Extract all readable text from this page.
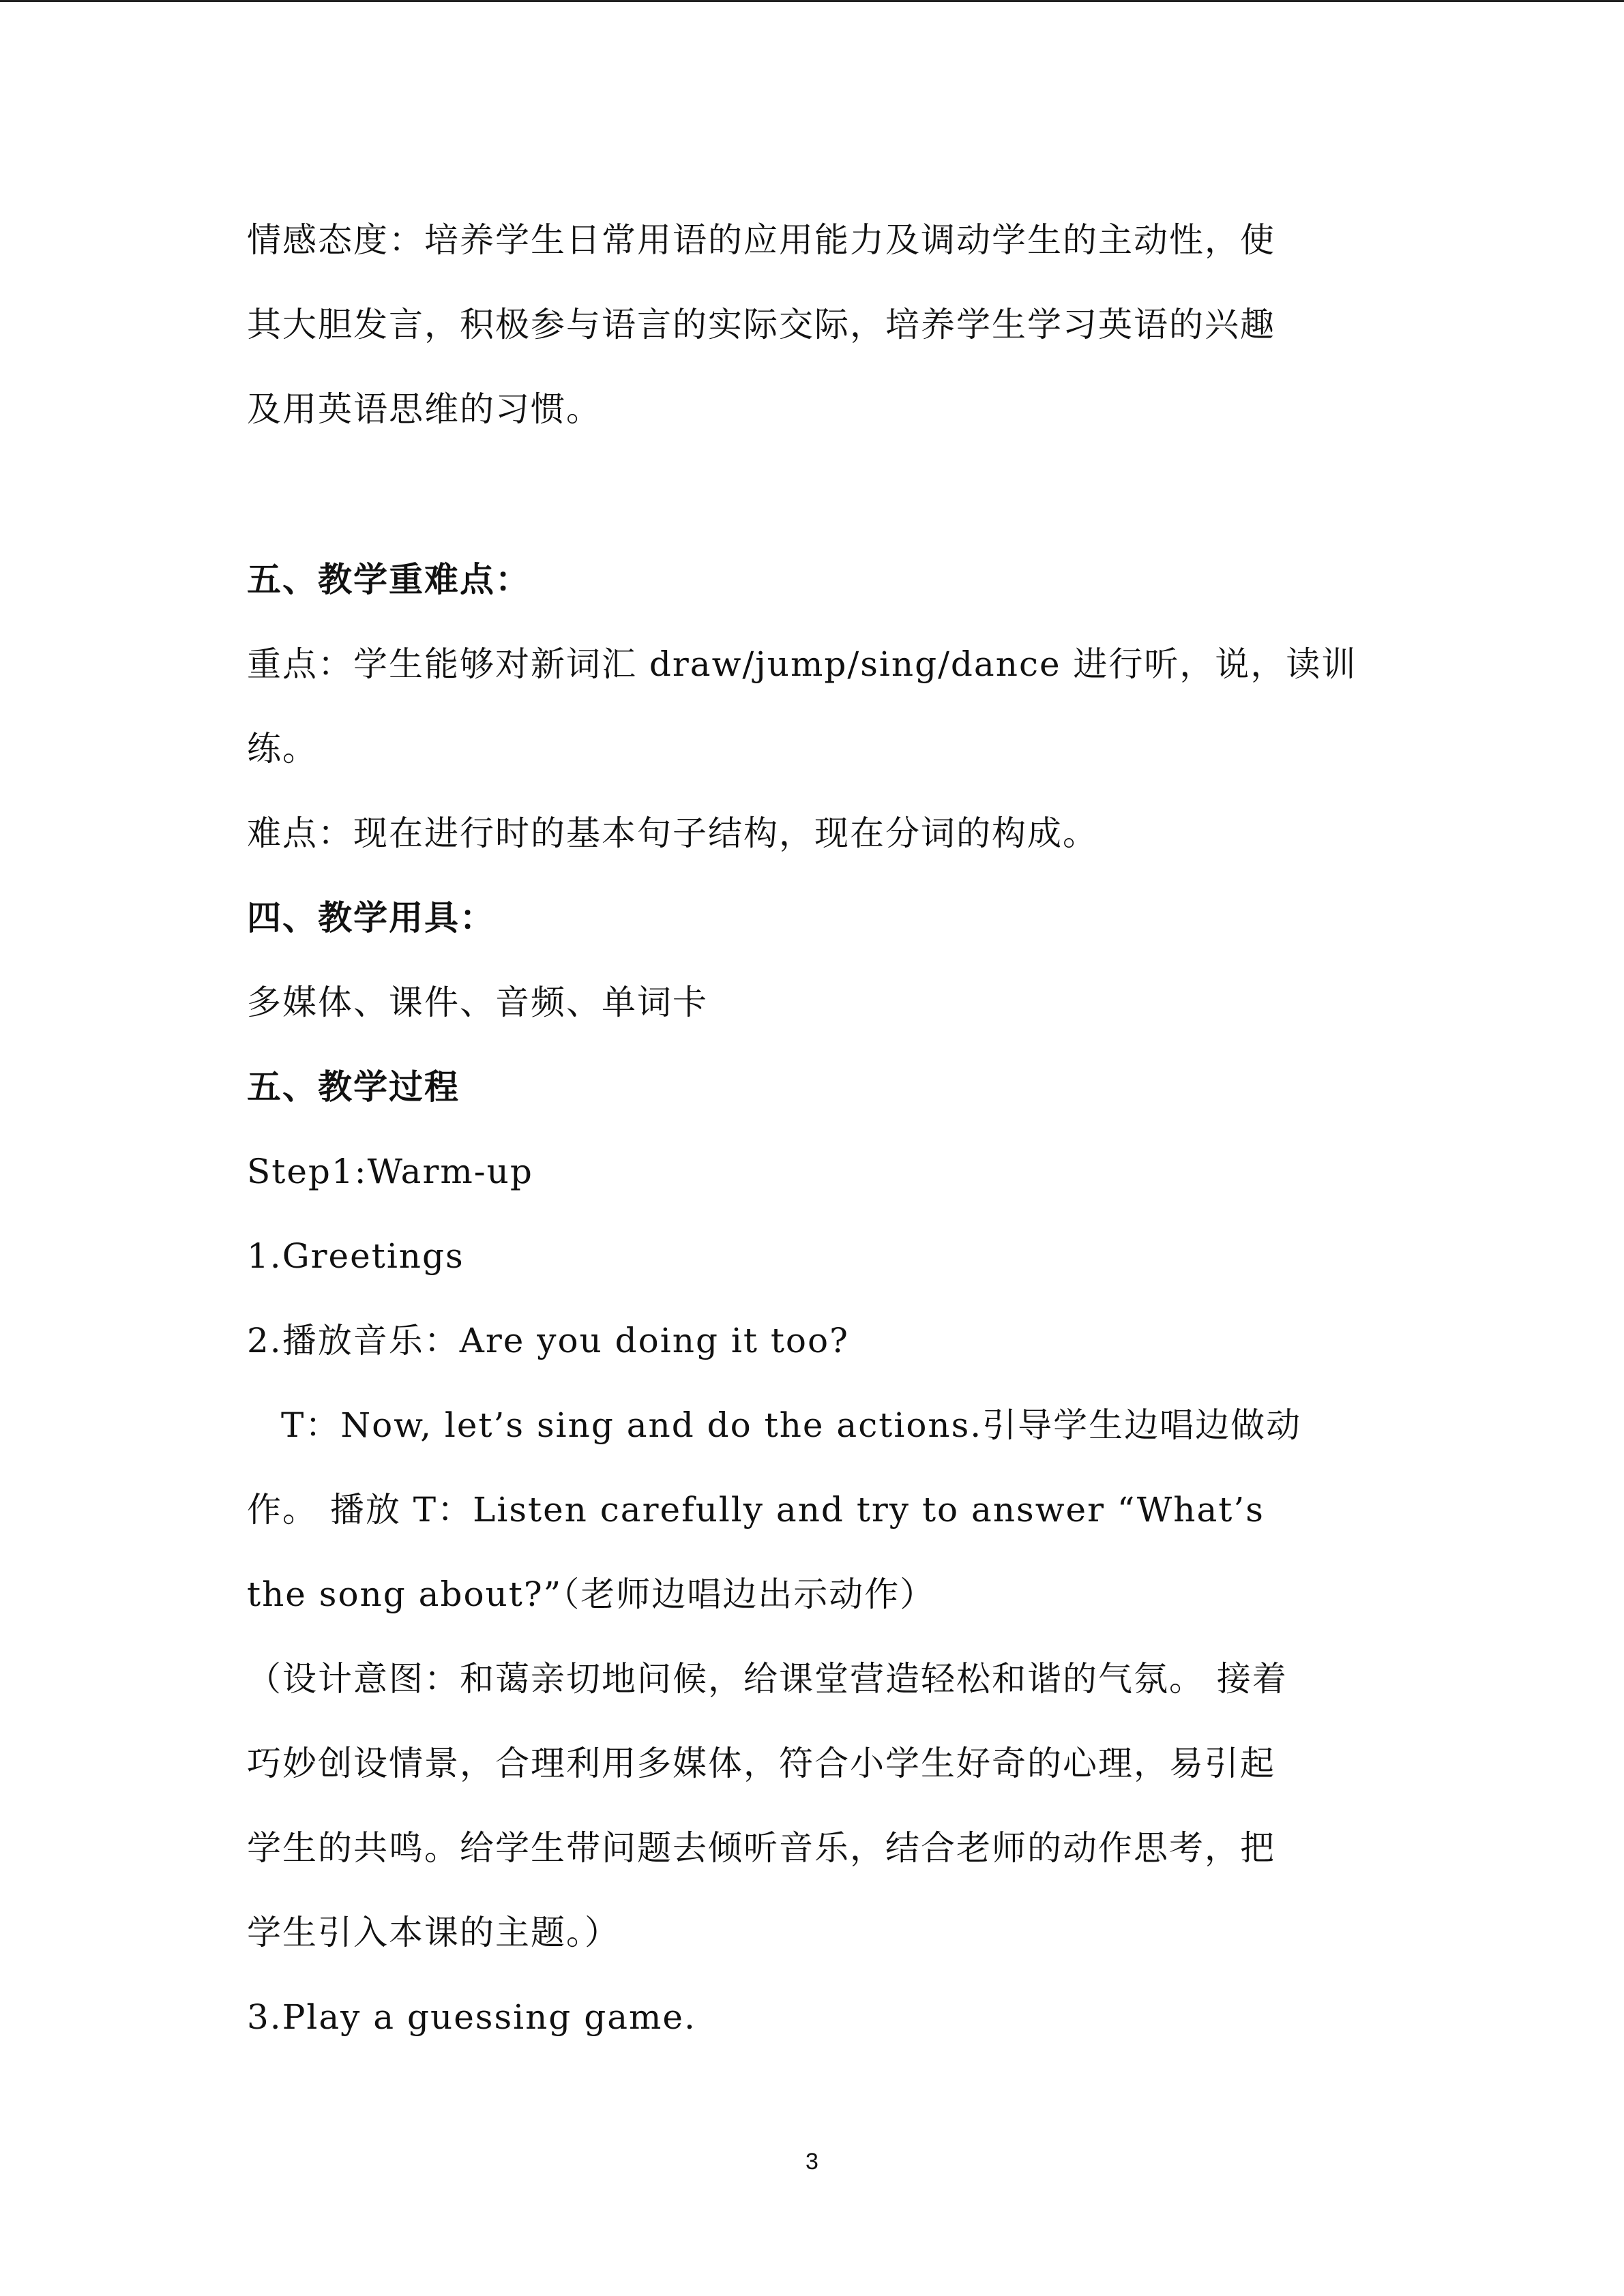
情感态度：培养学生日常用语的应用能力及调动学生的主动性，使
其大胆发言，积极参与语言的实际交际，培养学生学习英语的兴趣
及用英语思维的习惯。
五、教学重难点：
重点：学生能够对新词汇 draw/jump/sing/dance 进行听，说，读训
练。
难点：现在进行时的基本句子结构，现在分词的构成。
四、教学用具：
多媒体、课件、音频、单词卡
五、教学过程
Step1:Warm-up
1.Greetings
2.播放音乐：Are you doing it too?
T：Now, let’s sing and do the actions.引导学生边唱边做动
作。 播放 T：Listen carefully and try to answer “What’s
the song about?”（老师边唱边出示动作）
（设计意图：和蔼亲切地问候，给课堂营造轻松和谐的气氛。 接着
巧妙创设情景，合理利用多媒体，符合小学生好奇的心理，易引起
学生的共鸣。给学生带问题去倾听音乐，结合老师的动作思考，把
学生引入本课的主题。）
3.Play a guessing game.
3
